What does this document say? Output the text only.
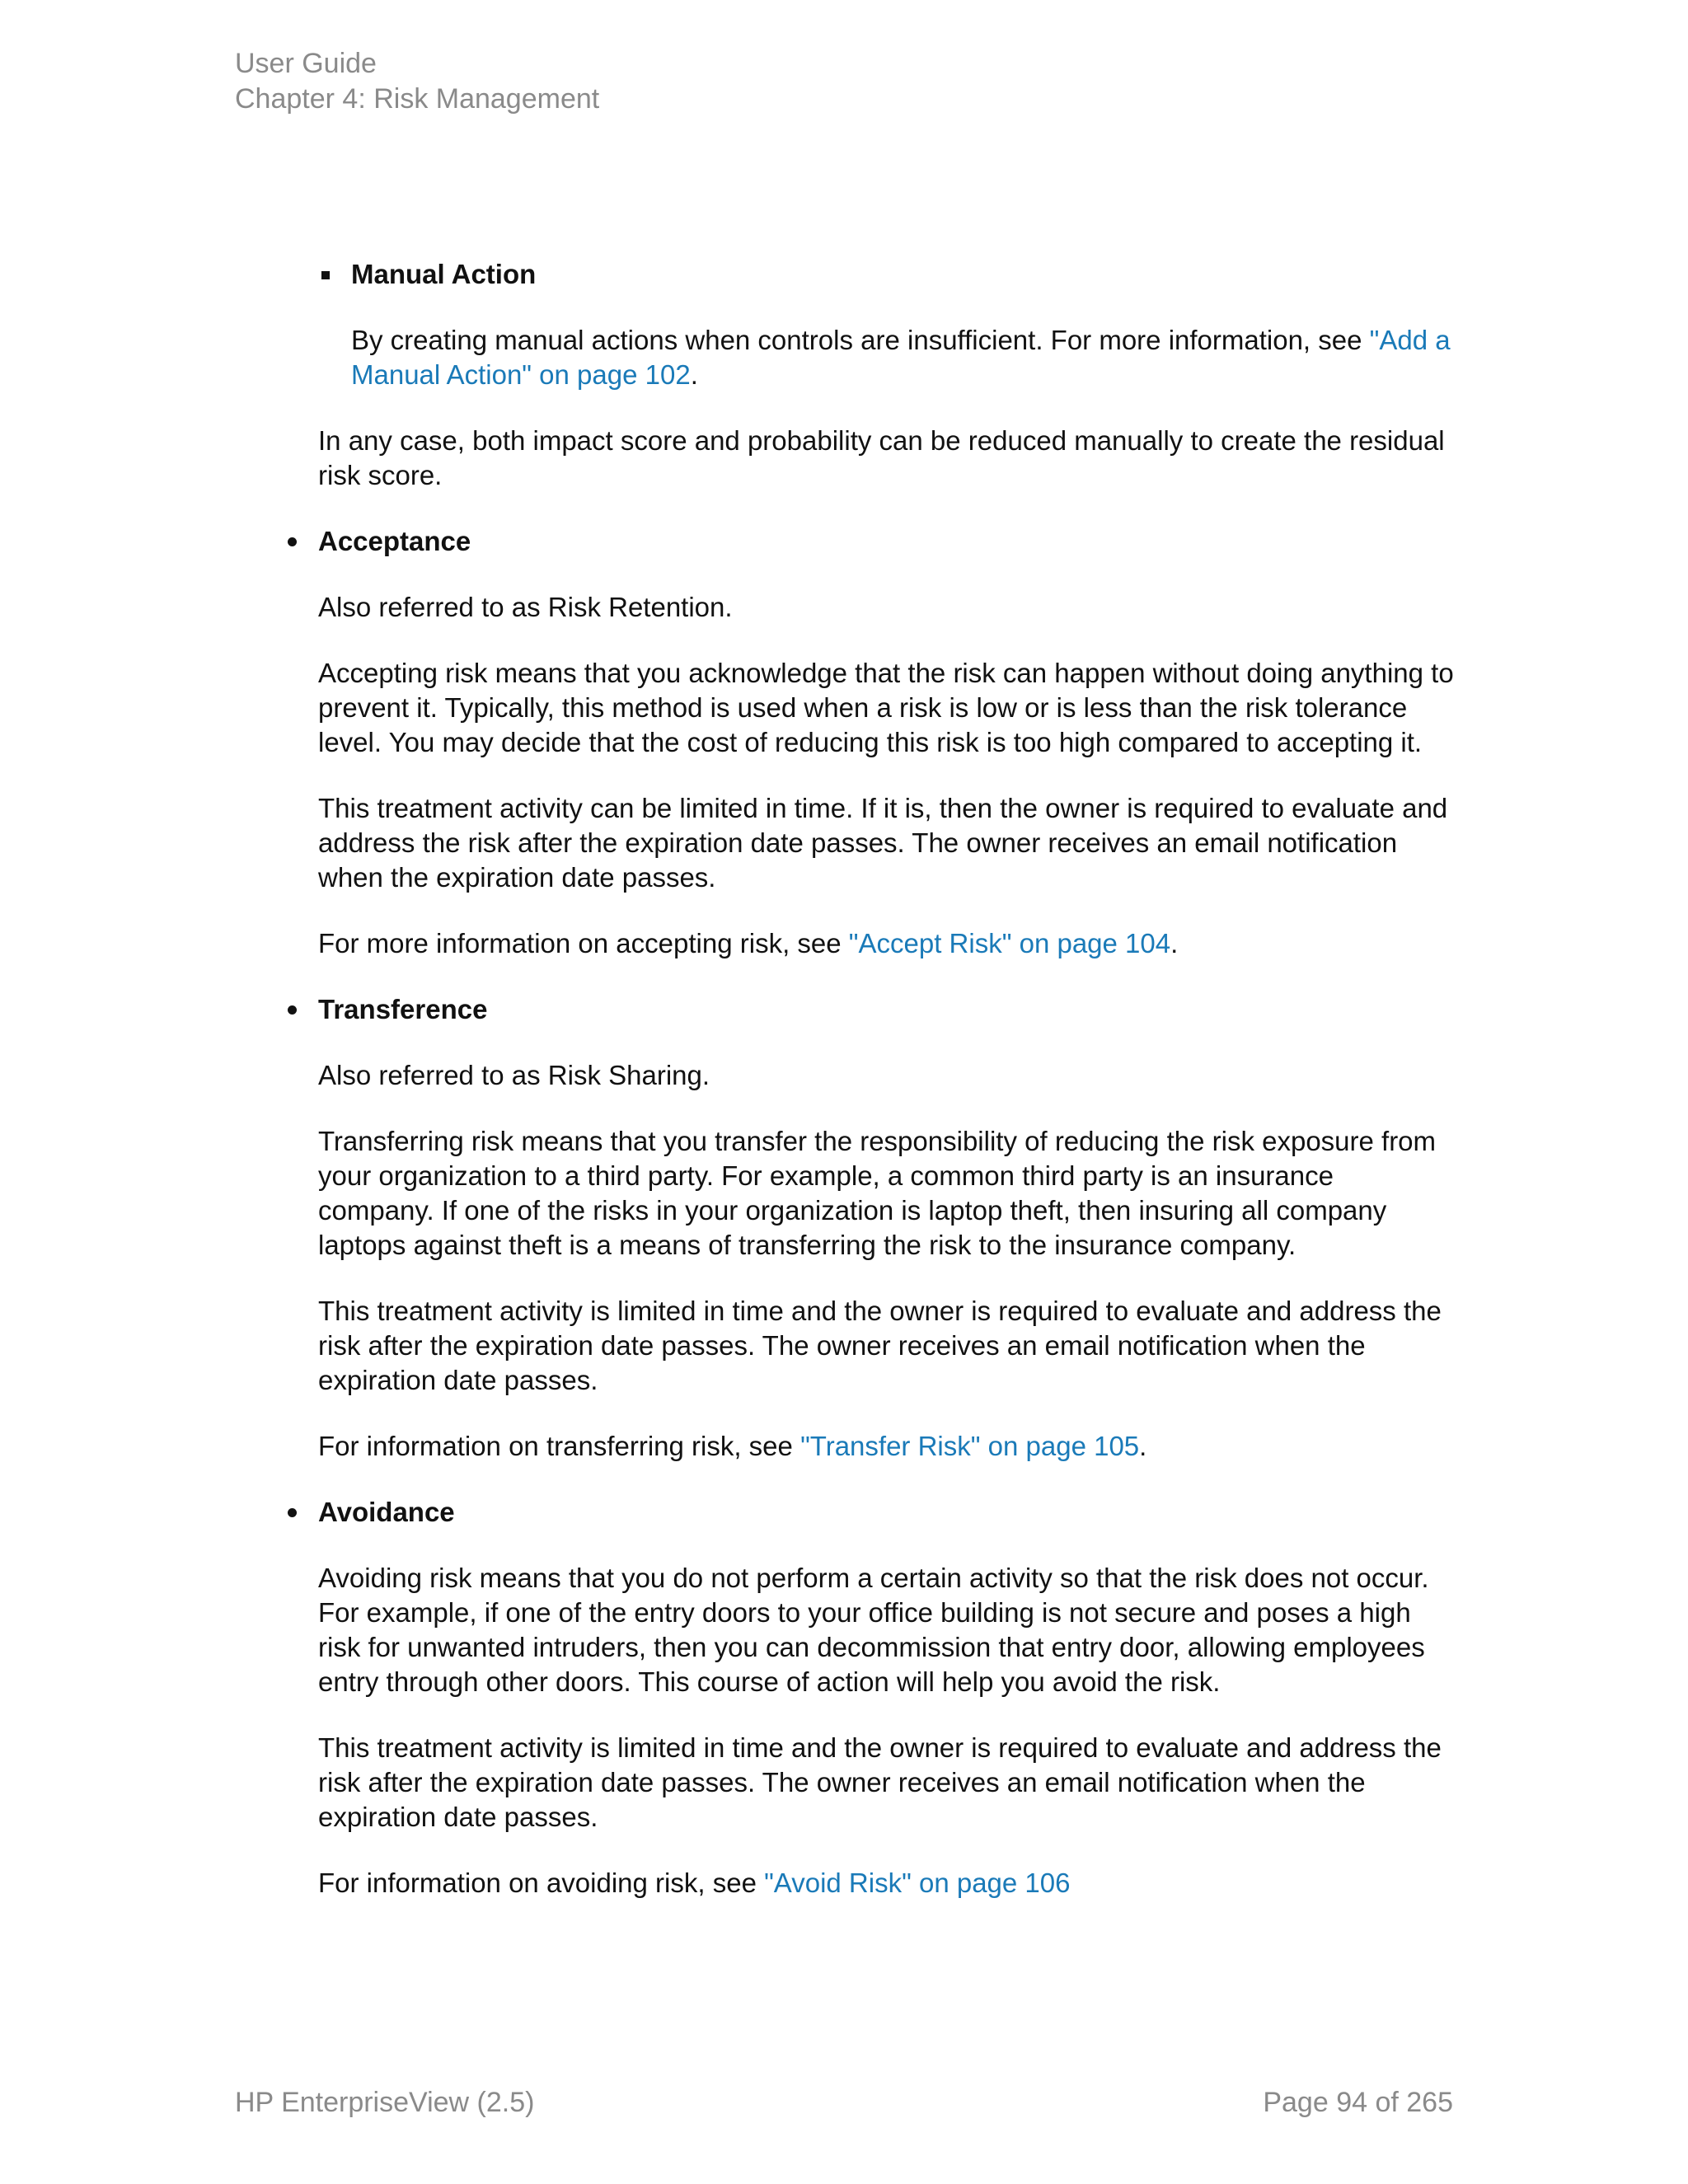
User Guide
Chapter 4: Risk Management
Manual Action

By creating manual actions when controls are insufficient. For more information, see "Add a Manual Action" on page 102.

In any case, both impact score and probability can be reduced manually to create the residual risk score.

Acceptance

Also referred to as Risk Retention.

Accepting risk means that you acknowledge that the risk can happen without doing anything to prevent it. Typically, this method is used when a risk is low or is less than the risk tolerance level. You may decide that the cost of reducing this risk is too high compared to accepting it.

This treatment activity can be limited in time. If it is, then the owner is required to evaluate and address the risk after the expiration date passes. The owner receives an email notification when the expiration date passes.

For more information on accepting risk, see "Accept Risk" on page 104.

Transference

Also referred to as Risk Sharing.

Transferring risk means that you transfer the responsibility of reducing the risk exposure from your organization to a third party. For example, a common third party is an insurance company. If one of the risks in your organization is laptop theft, then insuring all company laptops against theft is a means of transferring the risk to the insurance company.

This treatment activity is limited in time and the owner is required to evaluate and address the risk after the expiration date passes. The owner receives an email notification when the expiration date passes.

For information on transferring risk, see "Transfer Risk" on page 105.

Avoidance

Avoiding risk means that you do not perform a certain activity so that the risk does not occur. For example, if one of the entry doors to your office building is not secure and poses a high risk for unwanted intruders, then you can decommission that entry door, allowing employees entry through other doors. This course of action will help you avoid the risk.

This treatment activity is limited in time and the owner is required to evaluate and address the risk after the expiration date passes. The owner receives an email notification when the expiration date passes.

For information on avoiding risk, see "Avoid Risk" on page 106

HP EnterpriseView (2.5)	Page 94 of 265
